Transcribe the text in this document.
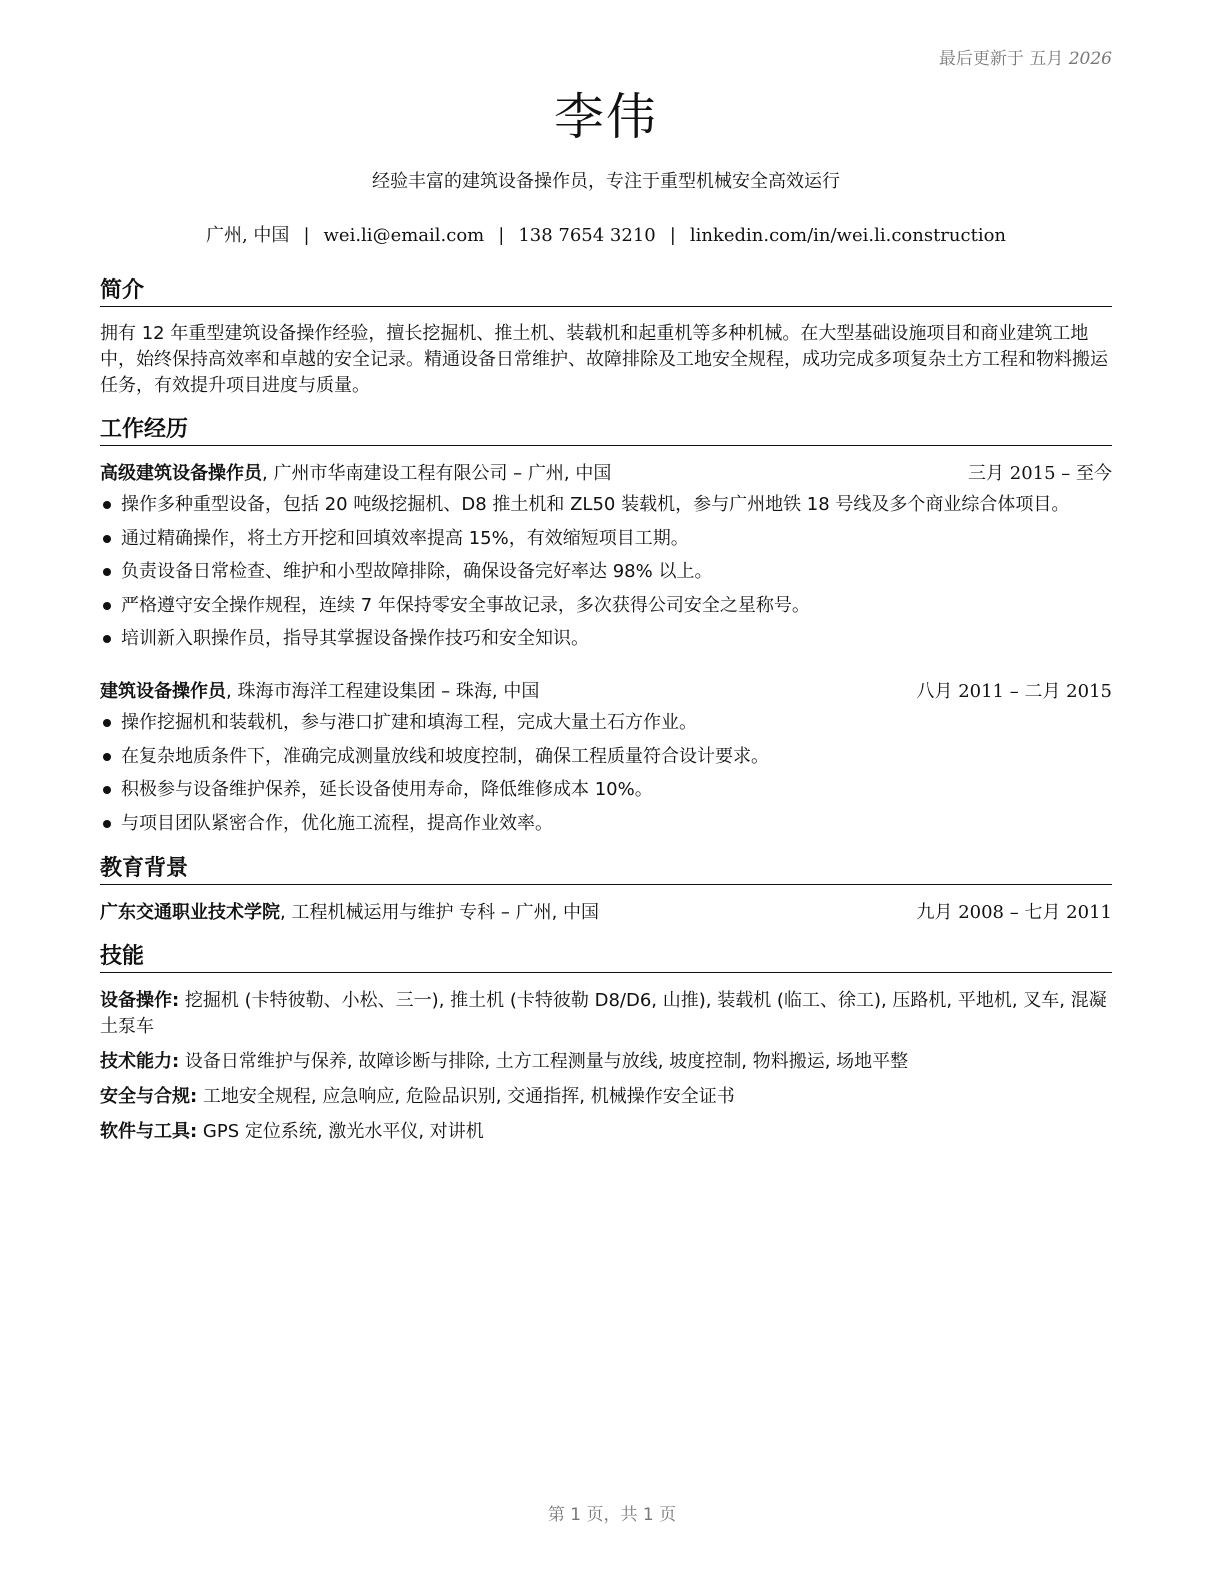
最后更新于 五月 2026
李伟
经验丰富的建筑设备操作员，专注于重型机械安全高效运行
广州, 中国 | wei.li@email.com | 138 7654 3210 | linkedin.com/in/wei.li.construction
简介
拥有 12 年重型建筑设备操作经验，擅长挖掘机、推土机、装载机和起重机等多种机械。在大型基础设施项目和商业建筑工地中，始终保持高效率和卓越的安全记录。精通设备日常维护、故障排除及工地安全规程，成功完成多项复杂土方工程和物料搬运任务，有效提升项目进度与质量。
工作经历
高级建筑设备操作员, 广州市华南建设工程有限公司 – 广州, 中国	三月 2015 – 至今
操作多种重型设备，包括 20 吨级挖掘机、D8 推土机和 ZL50 装载机，参与广州地铁 18 号线及多个商业综合体项目。
通过精确操作，将土方开挖和回填效率提高 15%，有效缩短项目工期。
负责设备日常检查、维护和小型故障排除，确保设备完好率达 98% 以上。
严格遵守安全操作规程，连续 7 年保持零安全事故记录，多次获得公司安全之星称号。
培训新入职操作员，指导其掌握设备操作技巧和安全知识。
建筑设备操作员, 珠海市海洋工程建设集团 – 珠海, 中国	八月 2011 – 二月 2015
操作挖掘机和装载机，参与港口扩建和填海工程，完成大量土石方作业。
在复杂地质条件下，准确完成测量放线和坡度控制，确保工程质量符合设计要求。
积极参与设备维护保养，延长设备使用寿命，降低维修成本 10%。
与项目团队紧密合作，优化施工流程，提高作业效率。
教育背景
广东交通职业技术学院, 工程机械运用与维护 专科 – 广州, 中国	九月 2008 – 七月 2011
技能
设备操作: 挖掘机 (卡特彼勒、小松、三一), 推土机 (卡特彼勒 D8/D6, 山推), 装载机 (临工、徐工), 压路机, 平地机, 叉车, 混凝土泵车
技术能力: 设备日常维护与保养, 故障诊断与排除, 土方工程测量与放线, 坡度控制, 物料搬运, 场地平整
安全与合规: 工地安全规程, 应急响应, 危险品识别, 交通指挥, 机械操作安全证书
软件与工具: GPS 定位系统, 激光水平仪, 对讲机
第 1 页，共 1 页
